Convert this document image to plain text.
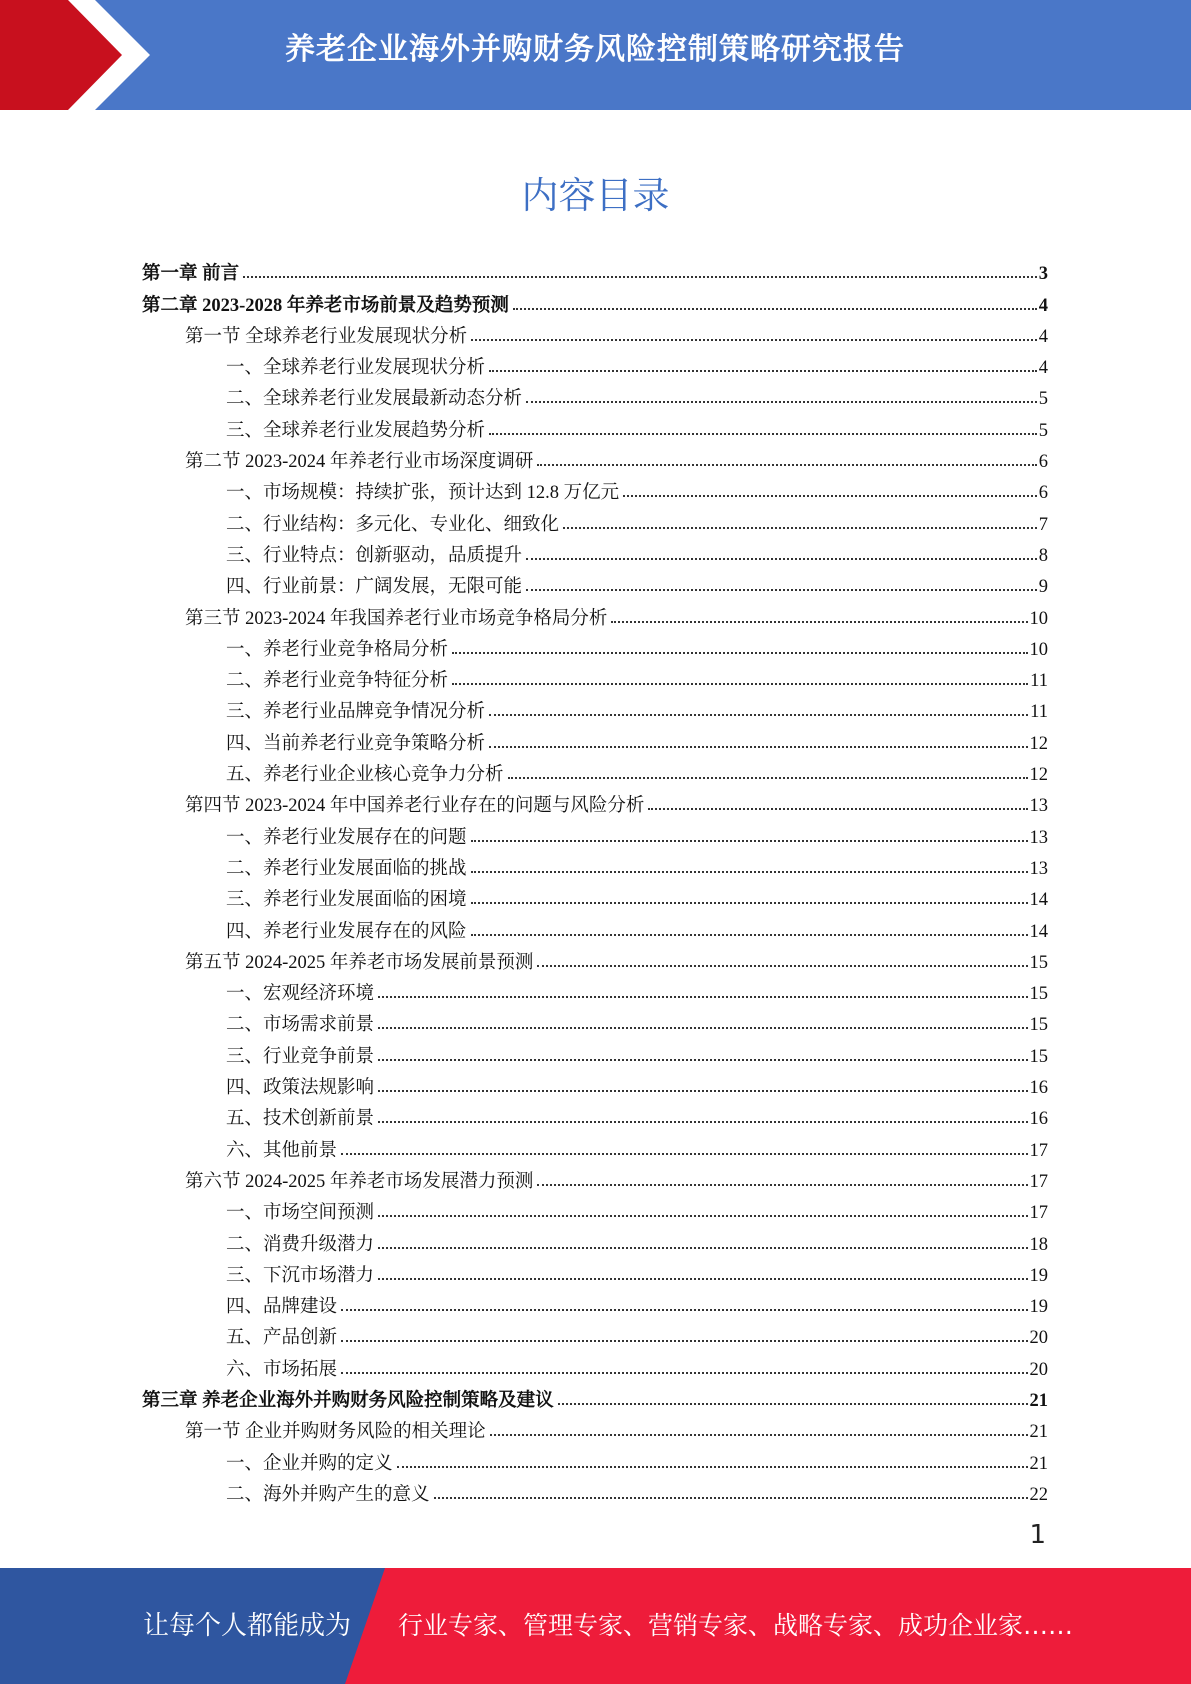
养老企业海外并购财务风险控制策略研究报告
内容目录
第一章 前言	3
第二章 2023-2028 年养老市场前景及趋势预测	4
第一节 全球养老行业发展现状分析	4
一、全球养老行业发展现状分析	4
二、全球养老行业发展最新动态分析	5
三、全球养老行业发展趋势分析	5
第二节 2023-2024 年养老行业市场深度调研	6
一、市场规模：持续扩张，预计达到 12.8 万亿元	6
二、行业结构：多元化、专业化、细致化	7
三、行业特点：创新驱动，品质提升	8
四、行业前景：广阔发展，无限可能	9
第三节 2023-2024 年我国养老行业市场竞争格局分析	10
一、养老行业竞争格局分析	10
二、养老行业竞争特征分析	11
三、养老行业品牌竞争情况分析	11
四、当前养老行业竞争策略分析	12
五、养老行业企业核心竞争力分析	12
第四节 2023-2024 年中国养老行业存在的问题与风险分析	13
一、养老行业发展存在的问题	13
二、养老行业发展面临的挑战	13
三、养老行业发展面临的困境	14
四、养老行业发展存在的风险	14
第五节 2024-2025 年养老市场发展前景预测	15
一、宏观经济环境	15
二、市场需求前景	15
三、行业竞争前景	15
四、政策法规影响	16
五、技术创新前景	16
六、其他前景	17
第六节 2024-2025 年养老市场发展潜力预测	17
一、市场空间预测	17
二、消费升级潜力	18
三、下沉市场潜力	19
四、品牌建设	19
五、产品创新	20
六、市场拓展	20
第三章 养老企业海外并购财务风险控制策略及建议	21
第一节 企业并购财务风险的相关理论	21
一、企业并购的定义	21
二、海外并购产生的意义	22
1
让每个人都能成为 行业专家、管理专家、营销专家、战略专家、成功企业家……
